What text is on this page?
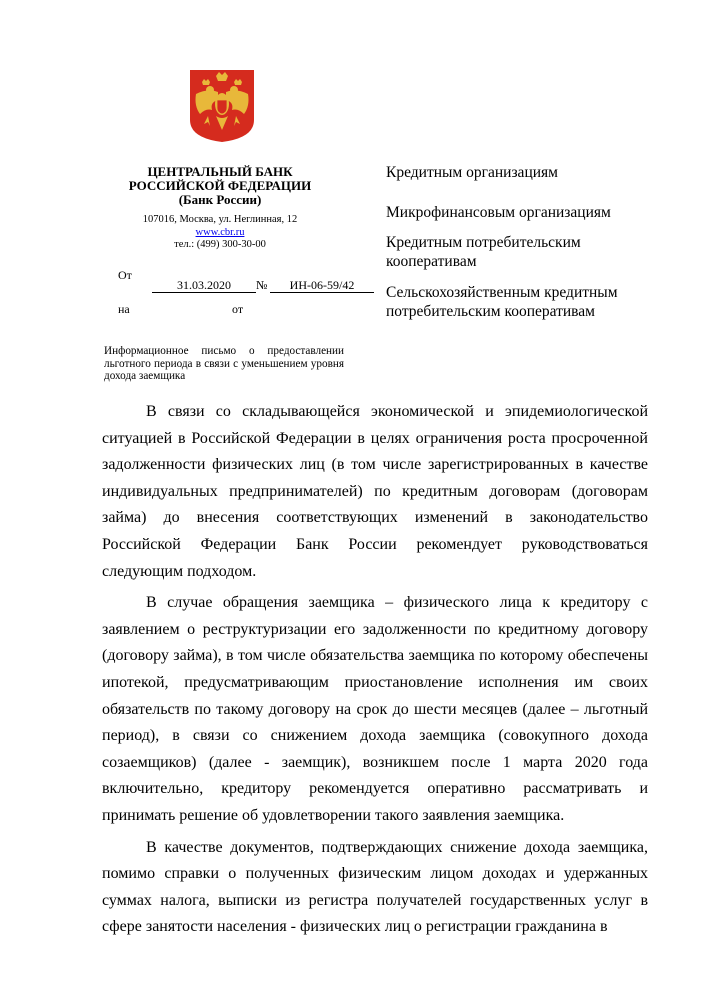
ЦЕНТРАЛЬНЫЙ БАНК
РОССИЙСКОЙ ФЕДЕРАЦИИ
(Банк России)
107016, Москва, ул. Неглинная, 12
www.cbr.ru
тел.: (499) 300-30-00
От
31.03.2020	№	ИН-06-59/42
на	от
Информационное письмо о предоставлении льготного периода в связи с уменьшением уровня дохода заемщика
Кредитным организациям
Микрофинансовым организациям
Кредитным потребительским кооперативам
Сельскохозяйственным кредитным потребительским кооперативам

В связи со складывающейся экономической и эпидемиологической ситуацией в Российской Федерации в целях ограничения роста просроченной задолженности физических лиц (в том числе зарегистрированных в качестве индивидуальных предпринимателей) по кредитным договорам (договорам займа) до внесения соответствующих изменений в законодательство Российской Федерации Банк России рекомендует руководствоваться следующим подходом.

В случае обращения заемщика – физического лица к кредитору с заявлением о реструктуризации его задолженности по кредитному договору (договору займа), в том числе обязательства заемщика по которому обеспечены ипотекой, предусматривающим приостановление исполнения им своих обязательств по такому договору на срок до шести месяцев (далее – льготный период), в связи со снижением дохода заемщика (совокупного дохода созаемщиков) (далее - заемщик), возникшем после 1 марта 2020 года включительно, кредитору рекомендуется оперативно рассматривать и принимать решение об удовлетворении такого заявления заемщика.

В качестве документов, подтверждающих снижение дохода заемщика, помимо справки о полученных физическим лицом доходах и удержанных суммах налога, выписки из регистра получателей государственных услуг в сфере занятости населения - физических лиц о регистрации гражданина в
